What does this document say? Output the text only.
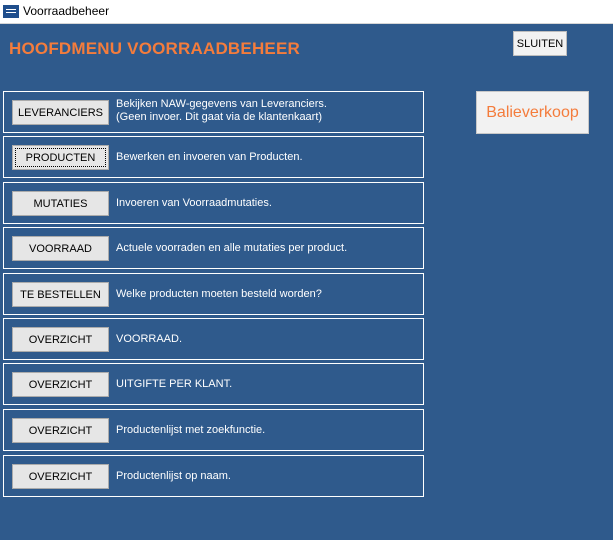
Voorraadbeheer
HOOFDMENU VOORRAADBEHEER	SLUITEN
Balieverkoop
LEVERANCIERS
Bekijken NAW-gegevens van Leveranciers.
(Geen invoer. Dit gaat via de klantenkaart)
PRODUCTEN	Bewerken en invoeren van Producten.
MUTATIES	Invoeren van Voorraadmutaties.
VOORRAAD	Actuele voorraden en alle mutaties per product.
TE BESTELLEN	Welke producten moeten besteld worden?
OVERZICHT	VOORRAAD.
OVERZICHT	UITGIFTE PER KLANT.
OVERZICHT	Productenlijst met zoekfunctie.
OVERZICHT	Productenlijst op naam.
